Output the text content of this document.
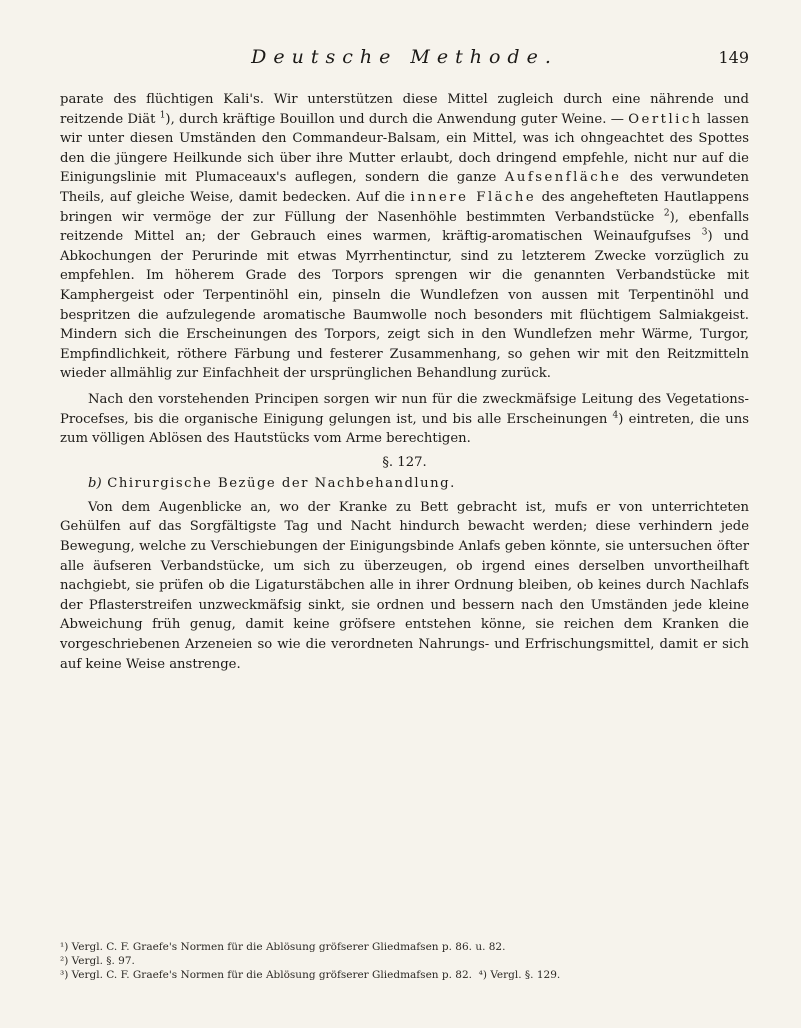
Deutsche Methode.	149

parate des flüchtigen Kali's. Wir unterstützen diese Mittel zugleich durch eine nährende und reitzende Diät $^1$), durch kräftige Bouillon und durch die Anwendung guter Weine. — Oertlich lassen wir unter diesen Umständen den Commandeur-Balsam, ein Mittel, was ich ohngeachtet des Spottes den die jüngere Heilkunde sich über ihre Mutter erlaubt, doch dringend empfehle, nicht nur auf die Einigungslinie mit Plumaceaux's auflegen, sondern die ganze Aufsenfläche des verwundeten Theils, auf gleiche Weise, damit bedecken. Auf die innere Fläche des angehefteten Hautlappens bringen wir vermöge der zur Füllung der Nasenhöhle bestimmten Verbandstücke $^2$), ebenfalls reitzende Mittel an; der Gebrauch eines warmen, kräftig-aromatischen Weinaufgufses $^3$) und Abkochungen der Perurinde mit etwas Myrrhentinctur, sind zu letzterem Zwecke vorzüglich zu empfehlen. Im höherem Grade des Torpors sprengen wir die genannten Verbandstücke mit Kamphergeist oder Terpentinöhl ein, pinseln die Wundlefzen von aussen mit Terpentinöhl und bespritzen die aufzulegende aromatische Baumwolle noch besonders mit flüchtigem Salmiakgeist. Mindern sich die Erscheinungen des Torpors, zeigt sich in den Wundlefzen mehr Wärme, Turgor, Empfindlichkeit, röthere Färbung und festerer Zusammenhang, so gehen wir mit den Reitzmitteln wieder allmählig zur Einfachheit der ursprünglichen Behandlung zurück.

Nach den vorstehenden Principen sorgen wir nun für die zweckmäfsige Leitung des Vegetations-Procefses, bis die organische Einigung gelungen ist, und bis alle Erscheinungen $^4$) eintreten, die uns zum völligen Ablösen des Hautstücks vom Arme berechtigen.

§. 127.
b) Chirurgische Bezüge der Nachbehandlung.

Von dem Augenblicke an, wo der Kranke zu Bett gebracht ist, mufs er von unterrichteten Gehülfen auf das Sorgfältigste Tag und Nacht hindurch bewacht werden; diese verhindern jede Bewegung, welche zu Verschiebungen der Einigungsbinde Anlafs geben könnte, sie untersuchen öfter alle äufseren Verbandstücke, um sich zu überzeugen, ob irgend eines derselben unvortheilhaft nachgiebt, sie prüfen ob die Ligaturstäbchen alle in ihrer Ordnung bleiben, ob keines durch Nachlafs der Pflasterstreifen unzweckmäfsig sinkt, sie ordnen und bessern nach den Umständen jede kleine Abweichung früh genug, damit keine gröfsere entstehen könne, sie reichen dem Kranken die vorgeschriebenen Arzeneien so wie die verordneten Nahrungs- und Erfrischungsmittel, damit er sich auf keine Weise anstrenge.

¹) Vergl. C. F. Graefe's Normen für die Ablösung gröfserer Gliedmafsen p. 86. u. 82.
²) Vergl. §. 97.
³) Vergl. C. F. Graefe's Normen für die Ablösung gröfserer Gliedmafsen p. 82. ⁴) Vergl. §. 129.
